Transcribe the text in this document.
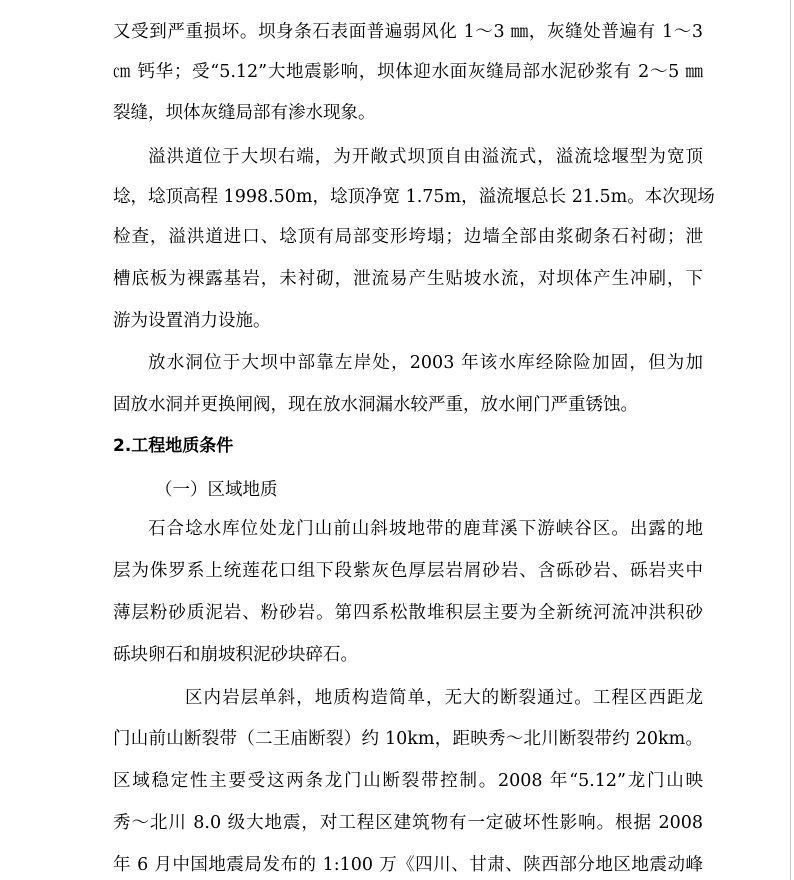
又受到严重损坏。坝身条石表面普遍弱风化 1～3 ㎜，灰缝处普遍有 1～3
㎝ 钙华；受“5.12”大地震影响，坝体迎水面灰缝局部水泥砂浆有 2～5 ㎜
裂缝，坝体灰缝局部有渗水现象。
溢洪道位于大坝右端，为开敞式坝顶自由溢流式，溢流埝堰型为宽顶
埝，埝顶高程 1998.50m，埝顶净宽 1.75m，溢流堰总长 21.5m。本次现场
检查，溢洪道进口、埝顶有局部变形垮塌；边墙全部由浆砌条石衬砌；泄
槽底板为裸露基岩，未衬砌，泄流易产生贴坡水流，对坝体产生冲刷，下
游为设置消力设施。
放水洞位于大坝中部靠左岸处，2003 年该水库经除险加固，但为加
固放水洞并更换闸阀，现在放水洞漏水较严重，放水闸门严重锈蚀。
2.工程地质条件
（一）区域地质
石合埝水库位处龙门山前山斜坡地带的鹿茸溪下游峡谷区。出露的地
层为侏罗系上统莲花口组下段紫灰色厚层岩屑砂岩、含砾砂岩、砾岩夹中
薄层粉砂质泥岩、粉砂岩。第四系松散堆积层主要为全新统河流冲洪积砂
砾块卵石和崩坡积泥砂块碎石。
区内岩层单斜，地质构造简单，无大的断裂通过。工程区西距龙
门山前山断裂带（二王庙断裂）约 10km，距映秀～北川断裂带约 20km。
区域稳定性主要受这两条龙门山断裂带控制。2008 年“5.12”龙门山映
秀～北川 8.0 级大地震，对工程区建筑物有一定破坏性影响。根据 2008
年 6 月中国地震局发布的 1:100 万《四川、甘肃、陕西部分地区地震动峰
